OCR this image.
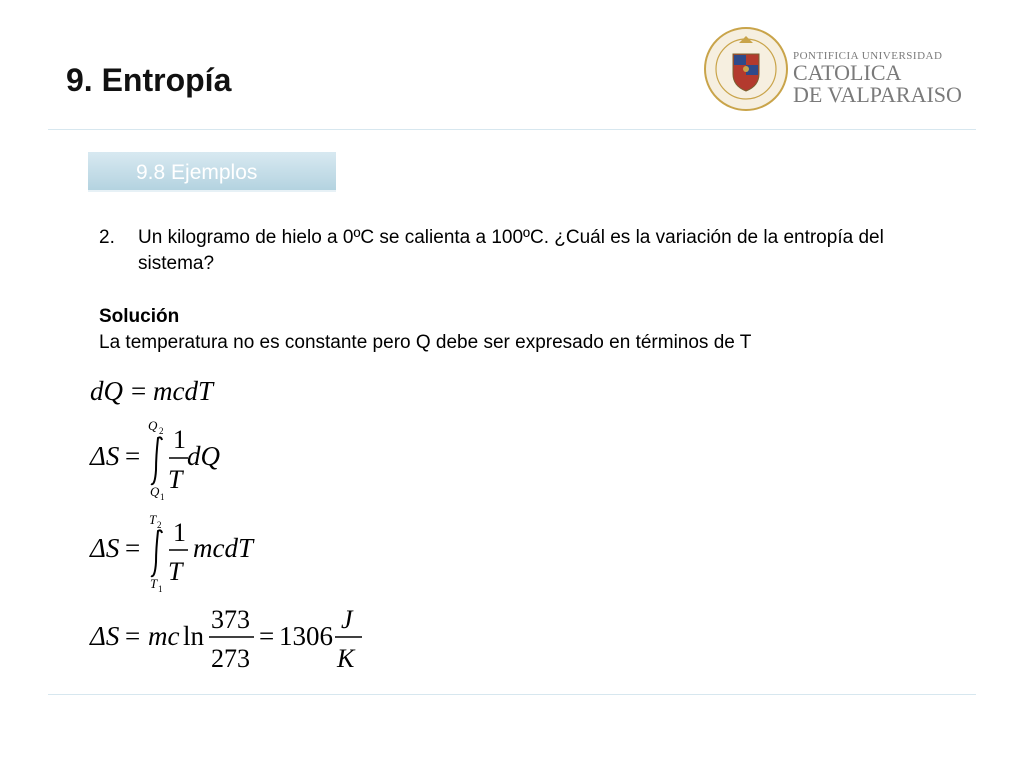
9. Entropía
PONTIFICIA UNIVERSIDAD
CATOLICA
DE VALPARAISO
9.8 Ejemplos
2. Un kilogramo de hielo a 0ºC se calienta a 100ºC. ¿Cuál es la variación de la entropía del sistema?
Solución
La temperatura no es constante pero Q debe ser expresado en términos de T
dQ = mcdT
ΔS =
Q 2
Q 1
1
T
dQ
ΔS =
T 2
T 1
1
T
mcdT
ΔS = mc ln
373
273
= 1306
J
K
